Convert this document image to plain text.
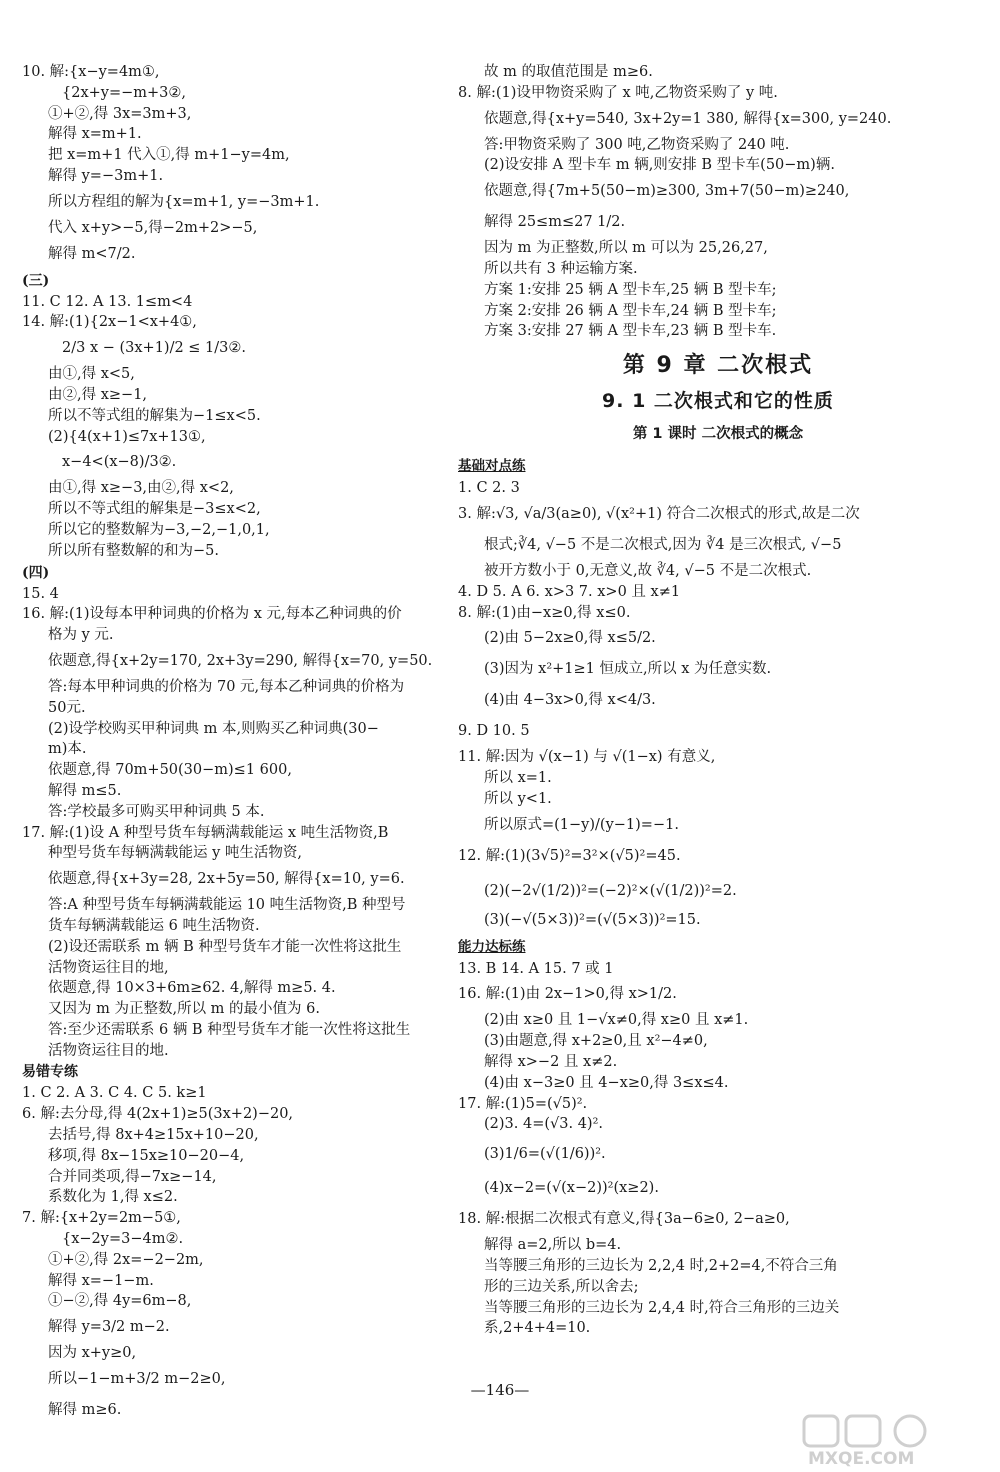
10. 解:{x−y=4m①,
{2x+y=−m+3②,
①+②,得 3x=3m+3,
解得 x=m+1.
把 x=m+1 代入①,得 m+1−y=4m,
解得 y=−3m+1.
所以方程组的解为{x=m+1, y=−3m+1.
代入 x+y>−5,得−2m+2>−5,
解得 m<7/2.
(三)
11. C 12. A 13. 1≤m<4
14. 解:(1){2x−1<x+4①,
2/3 x − (3x+1)/2 ≤ 1/3②.
由①,得 x<5,
由②,得 x≥−1,
所以不等式组的解集为−1≤x<5.
(2){4(x+1)≤7x+13①,
x−4<(x−8)/3②.
由①,得 x≥−3,由②,得 x<2,
所以不等式组的解集是−3≤x<2,
所以它的整数解为−3,−2,−1,0,1,
所以所有整数解的和为−5.
(四)
15. 4
16. 解:(1)设每本甲种词典的价格为 x 元,每本乙种词典的价
格为 y 元.
依题意,得{x+2y=170, 2x+3y=290, 解得{x=70, y=50.
答:每本甲种词典的价格为 70 元,每本乙种词典的价格为
50元.
(2)设学校购买甲种词典 m 本,则购买乙种词典(30−
m)本.
依题意,得 70m+50(30−m)≤1 600,
解得 m≤5.
答:学校最多可购买甲种词典 5 本.
17. 解:(1)设 A 种型号货车每辆满载能运 x 吨生活物资,B
种型号货车每辆满载能运 y 吨生活物资,
依题意,得{x+3y=28, 2x+5y=50, 解得{x=10, y=6.
答:A 种型号货车每辆满载能运 10 吨生活物资,B 种型号
货车每辆满载能运 6 吨生活物资.
(2)设还需联系 m 辆 B 种型号货车才能一次性将这批生
活物资运往目的地,
依题意,得 10×3+6m≥62. 4,解得 m≥5. 4.
又因为 m 为正整数,所以 m 的最小值为 6.
答:至少还需联系 6 辆 B 种型号货车才能一次性将这批生
活物资运往目的地.
易错专练
1. C 2. A 3. C 4. C 5. k≥1
6. 解:去分母,得 4(2x+1)≥5(3x+2)−20,
去括号,得 8x+4≥15x+10−20,
移项,得 8x−15x≥10−20−4,
合并同类项,得−7x≥−14,
系数化为 1,得 x≤2.
7. 解:{x+2y=2m−5①,
{x−2y=3−4m②.
①+②,得 2x=−2−2m,
解得 x=−1−m.
①−②,得 4y=6m−8,
解得 y=3/2 m−2.
因为 x+y≥0,
所以−1−m+3/2 m−2≥0,
解得 m≥6.
故 m 的取值范围是 m≥6.
8. 解:(1)设甲物资采购了 x 吨,乙物资采购了 y 吨.
依题意,得{x+y=540, 3x+2y=1 380, 解得{x=300, y=240.
答:甲物资采购了 300 吨,乙物资采购了 240 吨.
(2)设安排 A 型卡车 m 辆,则安排 B 型卡车(50−m)辆.
依题意,得{7m+5(50−m)≥300, 3m+7(50−m)≥240,
解得 25≤m≤27 1/2.
因为 m 为正整数,所以 m 可以为 25,26,27,
所以共有 3 种运输方案.
方案 1:安排 25 辆 A 型卡车,25 辆 B 型卡车;
方案 2:安排 26 辆 A 型卡车,24 辆 B 型卡车;
方案 3:安排 27 辆 A 型卡车,23 辆 B 型卡车.
第 9 章 二次根式
9. 1 二次根式和它的性质
第 1 课时 二次根式的概念
基础对点练
1. C 2. 3
3. 解:√3, √a/3(a≥0), √(x²+1) 符合二次根式的形式,故是二次
根式;∛4, √−5 不是二次根式,因为 ∛4 是三次根式, √−5
被开方数小于 0,无意义,故 ∛4, √−5 不是二次根式.
4. D 5. A 6. x>3 7. x>0 且 x≠1
8. 解:(1)由−x≥0,得 x≤0.
(2)由 5−2x≥0,得 x≤5/2.
(3)因为 x²+1≥1 恒成立,所以 x 为任意实数.
(4)由 4−3x>0,得 x<4/3.
9. D 10. 5
11. 解:因为 √(x−1) 与 √(1−x) 有意义,
所以 x=1.
所以 y<1.
所以原式=(1−y)/(y−1)=−1.
12. 解:(1)(3√5)²=3²×(√5)²=45.
(2)(−2√(1/2))²=(−2)²×(√(1/2))²=2.
(3)(−√(5×3))²=(√(5×3))²=15.
能力达标练
13. B 14. A 15. 7 或 1
16. 解:(1)由 2x−1>0,得 x>1/2.
(2)由 x≥0 且 1−√x≠0,得 x≥0 且 x≠1.
(3)由题意,得 x+2≥0,且 x²−4≠0,
解得 x>−2 且 x≠2.
(4)由 x−3≥0 且 4−x≥0,得 3≤x≤4.
17. 解:(1)5=(√5)².
(2)3. 4=(√3. 4)².
(3)1/6=(√(1/6))².
(4)x−2=(√(x−2))²(x≥2).
18. 解:根据二次根式有意义,得{3a−6≥0, 2−a≥0,
解得 a=2,所以 b=4.
当等腰三角形的三边长为 2,2,4 时,2+2=4,不符合三角
形的三边关系,所以舍去;
当等腰三角形的三边长为 2,4,4 时,符合三角形的三边关
系,2+4+4=10.
—146—
MXQE.COM
